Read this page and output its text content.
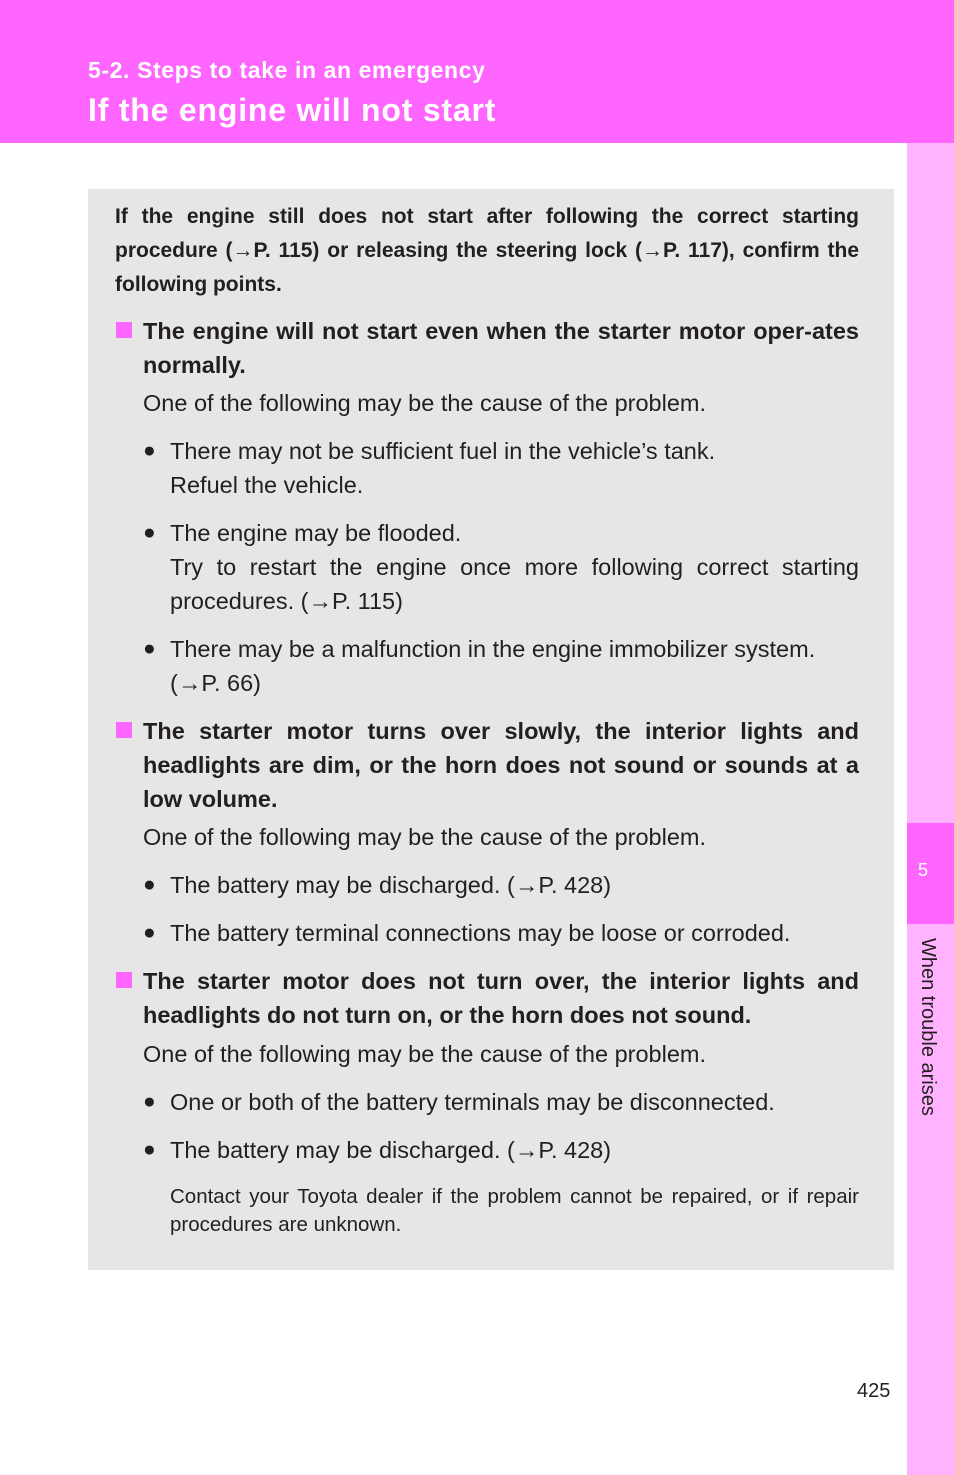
5-2. Steps to take in an emergency
If the engine will not start
5
When trouble arises
If the engine still does not start after following the correct starting procedure (→P. 115) or releasing the steering lock (→P. 117), confirm the following points.
The engine will not start even when the starter motor oper-ates normally.
One of the following may be the cause of the problem.
● There may not be sufficient fuel in the vehicle’s tank.
Refuel the vehicle.
● The engine may be flooded.
Try to restart the engine once more following correct starting procedures. (→P. 115)
● There may be a malfunction in the engine immobilizer system. (→P. 66)
The starter motor turns over slowly, the interior lights and headlights are dim, or the horn does not sound or sounds at a low volume.
One of the following may be the cause of the problem.
● The battery may be discharged. (→P. 428)
● The battery terminal connections may be loose or corroded.
The starter motor does not turn over, the interior lights and headlights do not turn on, or the horn does not sound.
One of the following may be the cause of the problem.
● One or both of the battery terminals may be disconnected.
● The battery may be discharged. (→P. 428)
Contact your Toyota dealer if the problem cannot be repaired, or if repair procedures are unknown.
425
